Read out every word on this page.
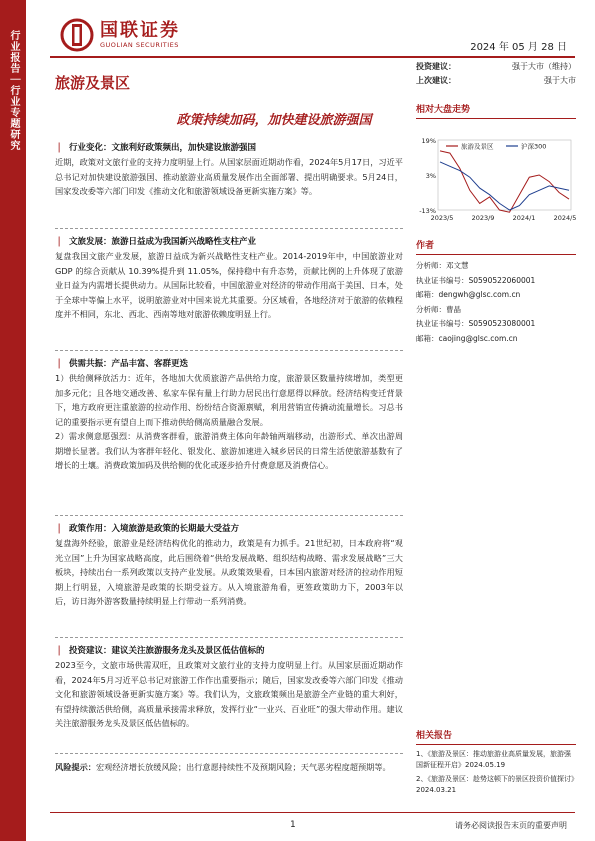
行业报告｜行业专题研究	国联证券
GUOLIAN SECURITIES	2024 年 05 月 28 日
旅游及景区
政策持续加码，加快建设旅游强国
❘ 行业变化：文旅利好政策频出，加快建设旅游强国
近期，政策对文旅行业的支持力度明显上行。从国家层面近期动作看，2024年5月17日，习近平总书记对加快建设旅游强国、推动旅游业高质量发展作出全面部署、提出明确要求。5月24日，国家发改委等六部门印发《推动文化和旅游领域设备更新实施方案》等。
❘ 文旅发展：旅游日益成为我国新兴战略性支柱产业
复盘我国文旅产业发展，旅游日益成为新兴战略性支柱产业。2014-2019年中，中国旅游业对 GDP 的综合贡献从 10.39%提升到 11.05%，保持稳中有升态势，贡献比例的上升体现了旅游业日益为内需增长提供动力。从国际比较看，中国旅游业对经济的带动作用高于美国、日本，处于全球中等偏上水平，说明旅游业对中国来说尤其重要。分区域看，各地经济对于旅游的依赖程度并不相同，东北、西北、西南等地对旅游依赖度明显上行。
❘ 供需共振：产品丰富、客群更迭

1）供给侧释放活力：近年，各地加大优质旅游产品供给力度，旅游景区数量持续增加，类型更加多元化；且各地交通改善、私家车保有量上行助力居民出行意愿得以释放。经济结构变迁背景下，地方政府更注重旅游的拉动作用、纷纷结合资源禀赋，利用营销宣传撬动流量增长。习总书记的重要指示更有望自上而下推动供给侧高质量融合发展。

2）需求侧意愿强烈：从消费客群看，旅游消费主体向年龄轴两端移动，出游形式、单次出游周期增长显著。我们认为客群年轻化、银发化、旅游加速进入城乡居民的日常生活使旅游基数有了增长的土壤。消费政策加码及供给侧的优化或逐步拾升付费意愿及消费信心。

❘ 政策作用：入境旅游是政策的长期最大受益方
复盘海外经验，旅游业是经济结构优化的推动力，政策是有力抓手。21世纪初，日本政府将“观光立国”上升为国家战略高度，此后围绕着“供给发展战略、组织结构战略、需求发展战略”三大板块，持续出台一系列政策以支持产业发展。从政策效果看，日本国内旅游对经济的拉动作用短期上行明显，入境旅游是政策的长期受益方。从入境旅游角看，更签政策助力下，2003年以后，访日海外游客数量持续明显上行带动一系列消费。
❘ 投资建议：建议关注旅游服务龙头及景区低估值标的
2023至今，文旅市场供需双旺，且政策对文旅行业的支持力度明显上行。从国家层面近期动作看，2024年5月习近平总书记对旅游工作作出重要指示；随后，国家发改委等六部门印发《推动文化和旅游领域设备更新实施方案》等。我们认为，文旅政策频出是旅游全产业链的重大利好，有望持续激活供给侧，高质量承接需求释放，发挥行业“一业兴、百业旺”的强大带动作用。建议关注旅游服务龙头及景区低估值标的。
风险提示：宏观经济增长放缓风险；出行意愿持续性不及预期风险；天气恶劣程度超预期等。
投资建议：	强于大市（维持）
上次建议：	强于大市
相对大盘走势
19%
3%
-13%
2023/5	2023/9	2024/1	2024/5
旅游及景区	沪深300
作者
分析师：邓文慧
执业证书编号：S0590522060001
邮箱：dengwh@glsc.com.cn
分析师：曹晶
执业证书编号：S0590523080001
邮箱：caojing@glsc.com.cn
相关报告
1、《旅游及景区：推动旅游业高质量发展，旅游强国新征程开启》2024.05.19
2、《旅游及景区：趁势这顿下的景区投资价值探讨》2024.03.21
1	请务必阅读报告末页的重要声明
